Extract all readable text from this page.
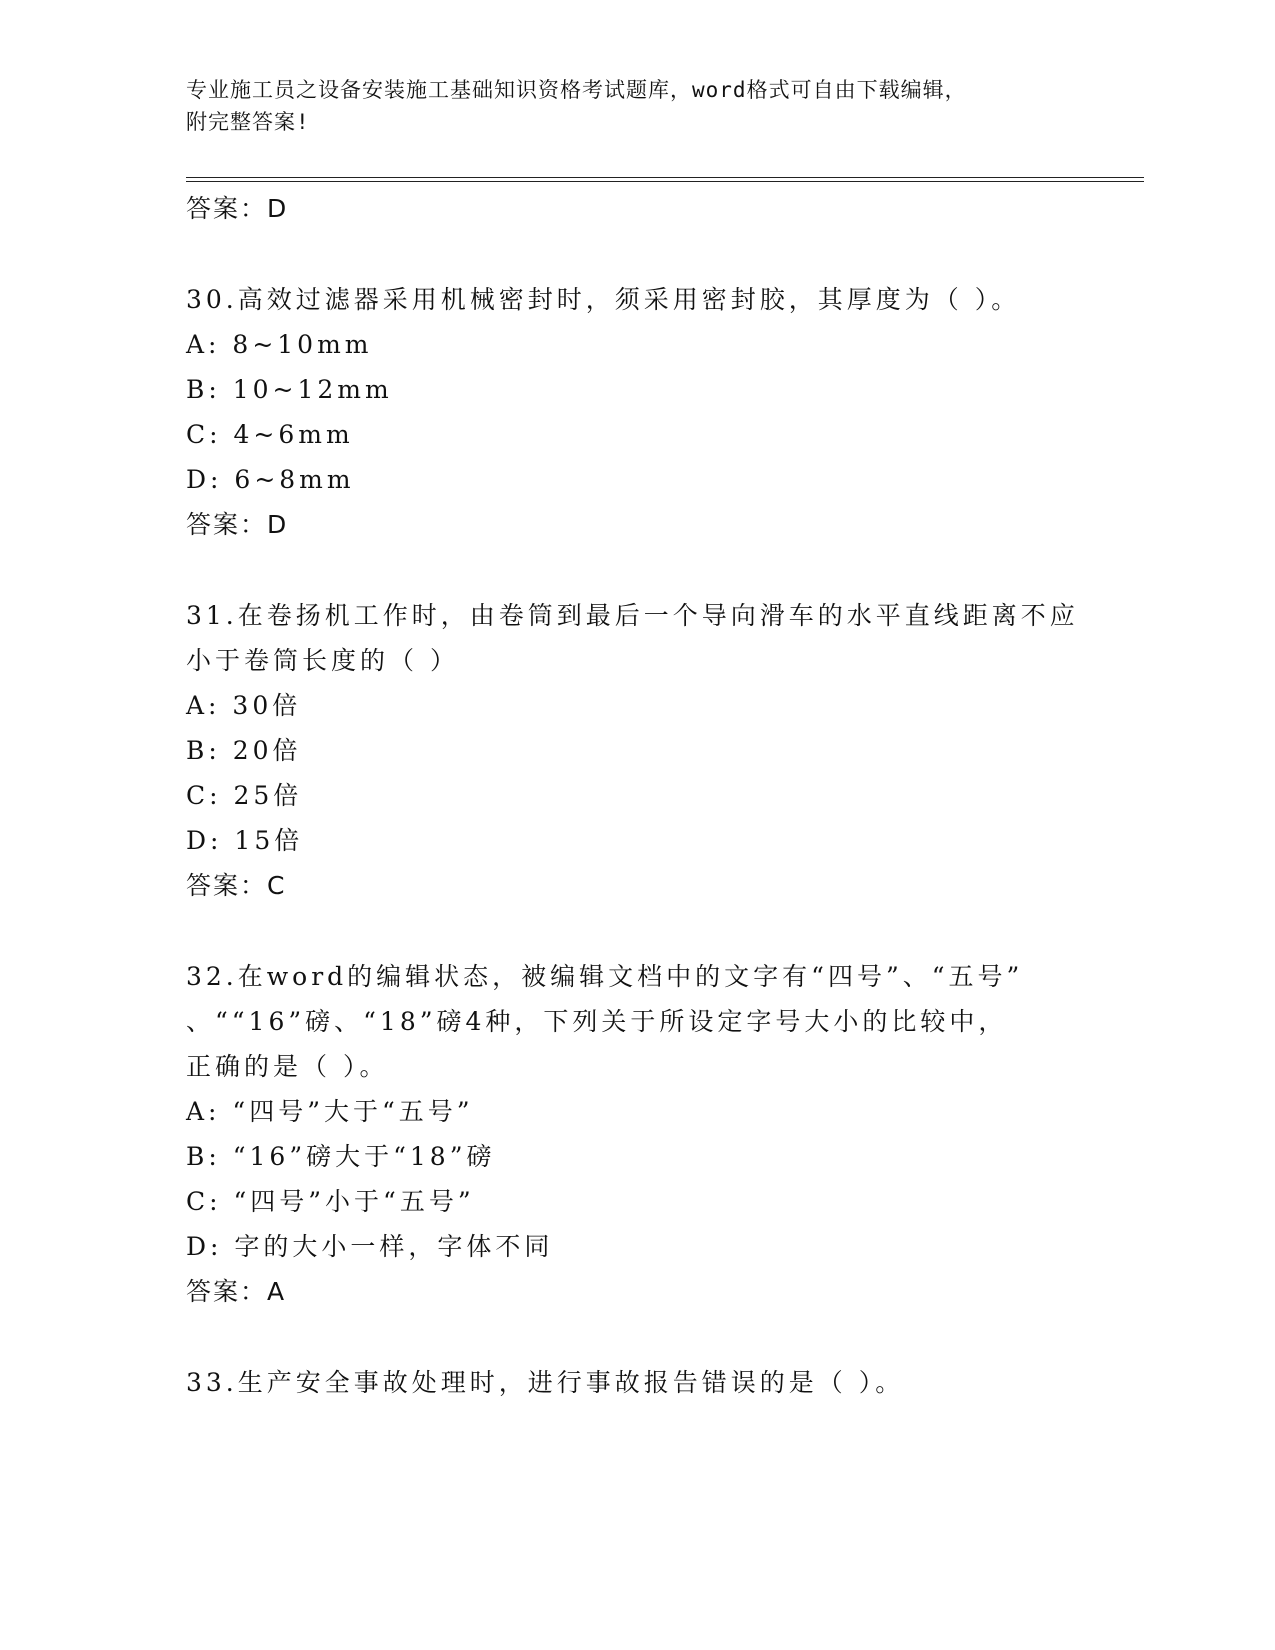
专业施工员之设备安装施工基础知识资格考试题库，word格式可自由下载编辑，
附完整答案!
答案：D
30.高效过滤器采用机械密封时，须采用密封胶，其厚度为（ ）。
A: 8~10mm
B: 10~12mm
C: 4~6mm
D: 6~8mm
答案：D
31.在卷扬机工作时，由卷筒到最后一个导向滑车的水平直线距离不应
小于卷筒长度的（ ）
A: 30倍
B: 20倍
C: 25倍
D: 15倍
答案：C
32.在word的编辑状态，被编辑文档中的文字有“四号”、“五号”
、““16”磅、“18”磅4种，下列关于所设定字号大小的比较中，
正确的是（ ）。
A: “四号”大于“五号”
B: “16”磅大于“18”磅
C: “四号”小于“五号”
D: 字的大小一样，字体不同
答案：A
33.生产安全事故处理时，进行事故报告错误的是（ ）。
